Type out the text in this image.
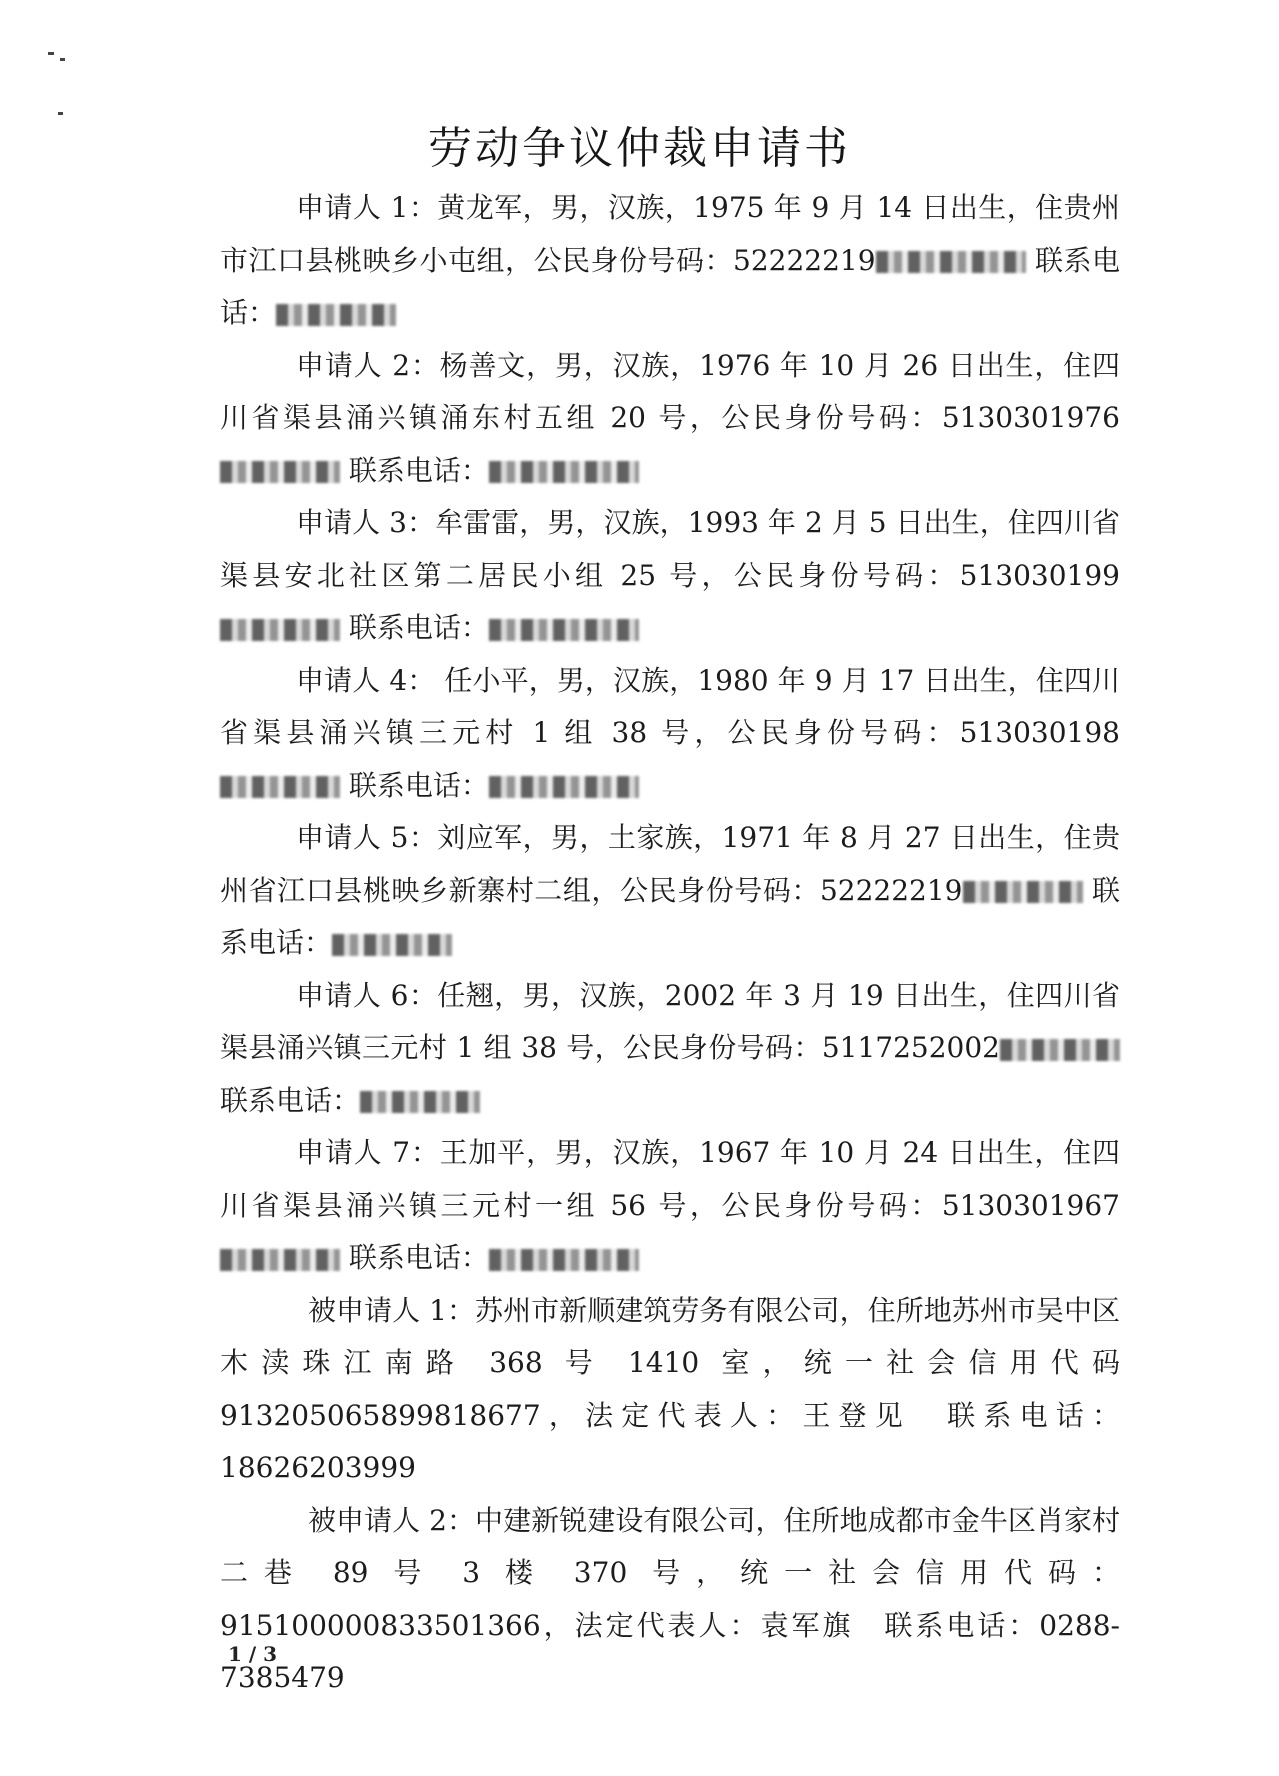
劳动争议仲裁申请书

申请人 1：黄龙军，男，汉族，1975 年 9 月 14 日出生，住贵州市江口县桃映乡小屯组，公民身份号码：52222219	联系电话：

申请人 2：杨善文，男，汉族，1976 年 10 月 26 日出生，住四川省渠县涌兴镇涌东村五组 20 号，公民身份号码：5130301976 联系电话：

申请人 3：牟雷雷，男，汉族，1993 年 2 月 5 日出生，住四川省渠县安北社区第二居民小组 25 号，公民身份号码：513030199 联系电话：

申请人 4： 任小平，男，汉族，1980 年 9 月 17 日出生，住四川省渠县涌兴镇三元村 1 组 38 号，公民身份号码：513030198 联系电话：

申请人 5：刘应军，男，土家族，1971 年 8 月 27 日出生，住贵州省江口县桃映乡新寨村二组，公民身份号码：52222219	联系电话：

申请人 6：任翘，男，汉族，2002 年 3 月 19 日出生，住四川省渠县涌兴镇三元村 1 组 38 号，公民身份号码：5117252002 联系电话：

申请人 7：王加平，男，汉族，1967 年 10 月 24 日出生，住四川省渠县涌兴镇三元村一组 56 号，公民身份号码：5130301967 联系电话：

被申请人 1：苏州市新顺建筑劳务有限公司，住所地苏州市吴中区木渎珠江南路 368 号 1410 室，统一社会信用代码 913205065899818677，法定代表人：王登见　联系电话：18626203999

被申请人 2：中建新锐建设有限公司，住所地成都市金牛区肖家村二巷 89 号 3 楼 370 号，统一社会信用代码：915100000833501366，法定代表人：袁军旗　联系电话：0288-7385479

1 / 3
